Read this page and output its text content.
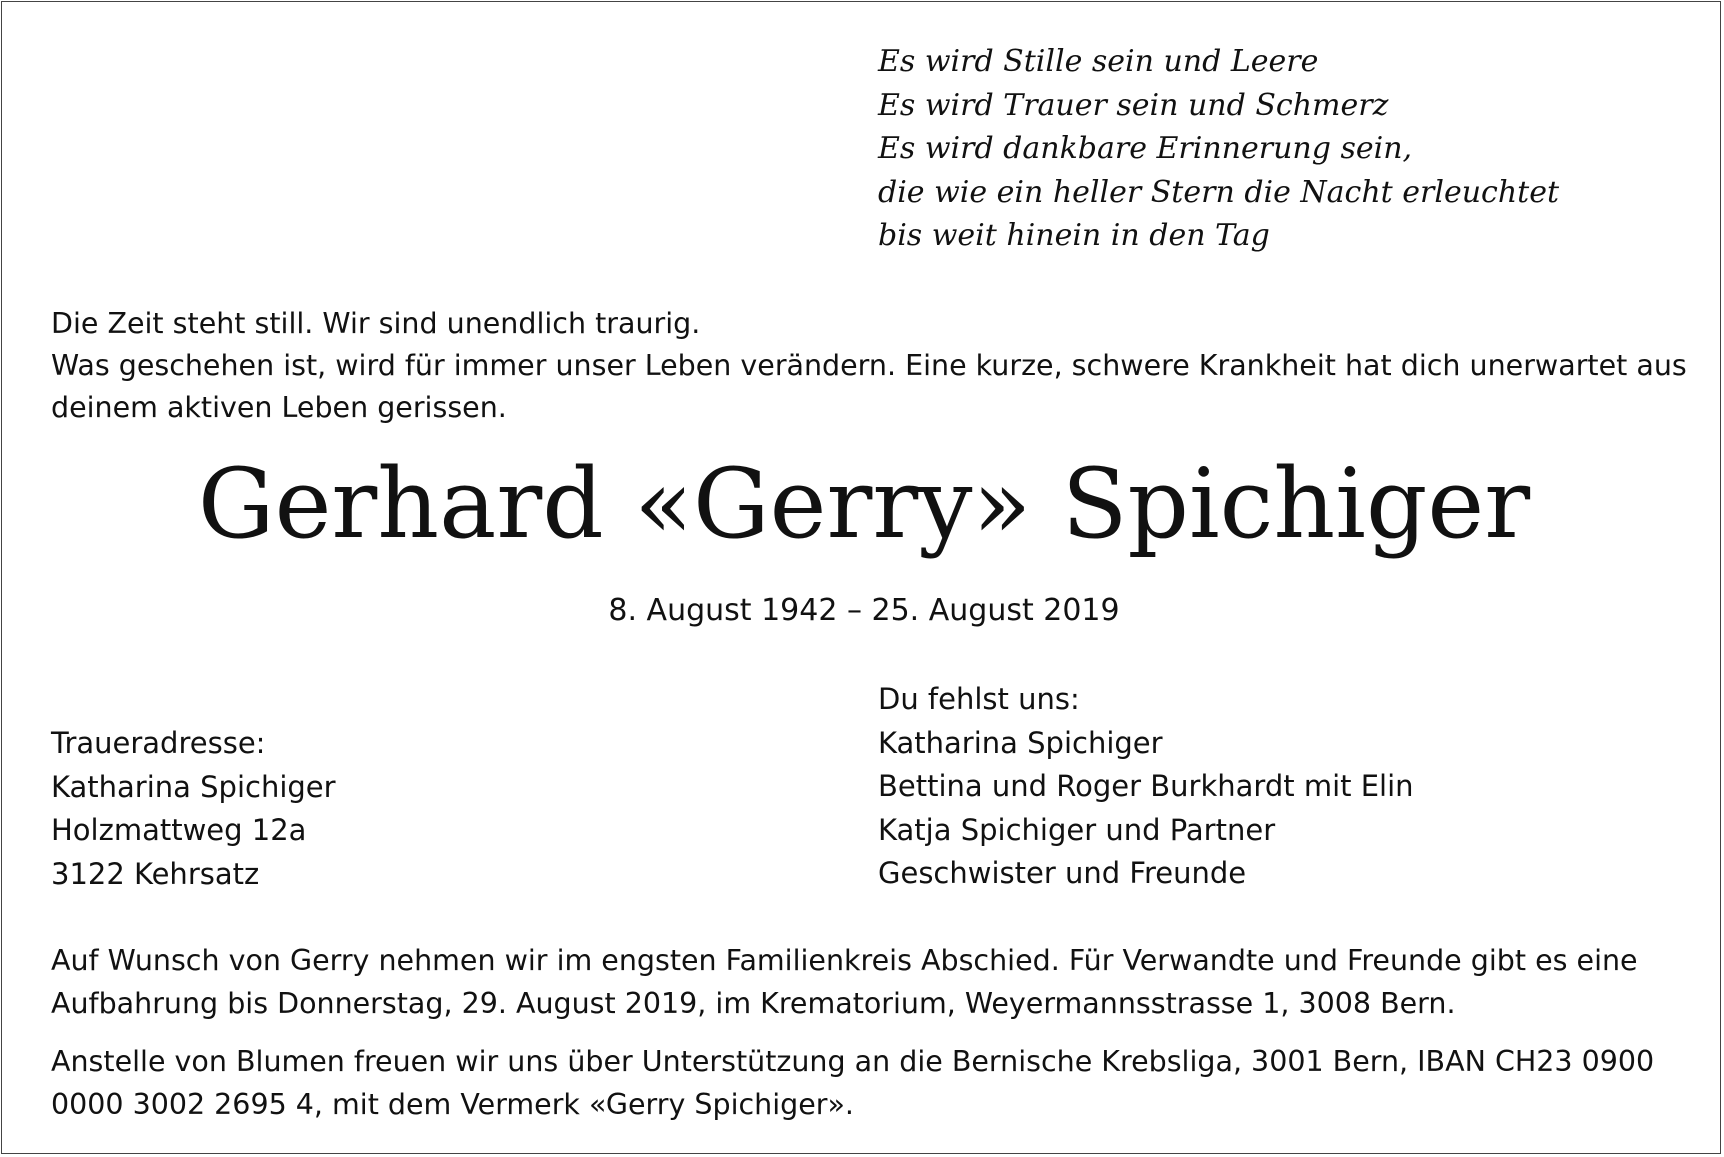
Es wird Stille sein und Leere
Es wird Trauer sein und Schmerz
Es wird dankbare Erinnerung sein,
die wie ein heller Stern die Nacht erleuchtet
bis weit hinein in den Tag
Die Zeit steht still. Wir sind unendlich traurig.
Was geschehen ist, wird für immer unser Leben verändern. Eine kurze, schwere Krankheit hat dich unerwartet aus
deinem aktiven Leben gerissen.
Gerhard «Gerry» Spichiger
8. August 1942 – 25. August 2019
Traueradresse:
Katharina Spichiger
Holzmattweg 12a
3122 Kehrsatz
Du fehlst uns:
Katharina Spichiger
Bettina und Roger Burkhardt mit Elin
Katja Spichiger und Partner
Geschwister und Freunde
Auf Wunsch von Gerry nehmen wir im engsten Familienkreis Abschied. Für Verwandte und Freunde gibt es eine
Aufbahrung bis Donnerstag, 29. August 2019, im Krematorium, Weyermannsstrasse 1, 3008 Bern.
Anstelle von Blumen freuen wir uns über Unterstützung an die Bernische Krebsliga, 3001 Bern, IBAN CH23 0900
0000 3002 2695 4, mit dem Vermerk «Gerry Spichiger».
